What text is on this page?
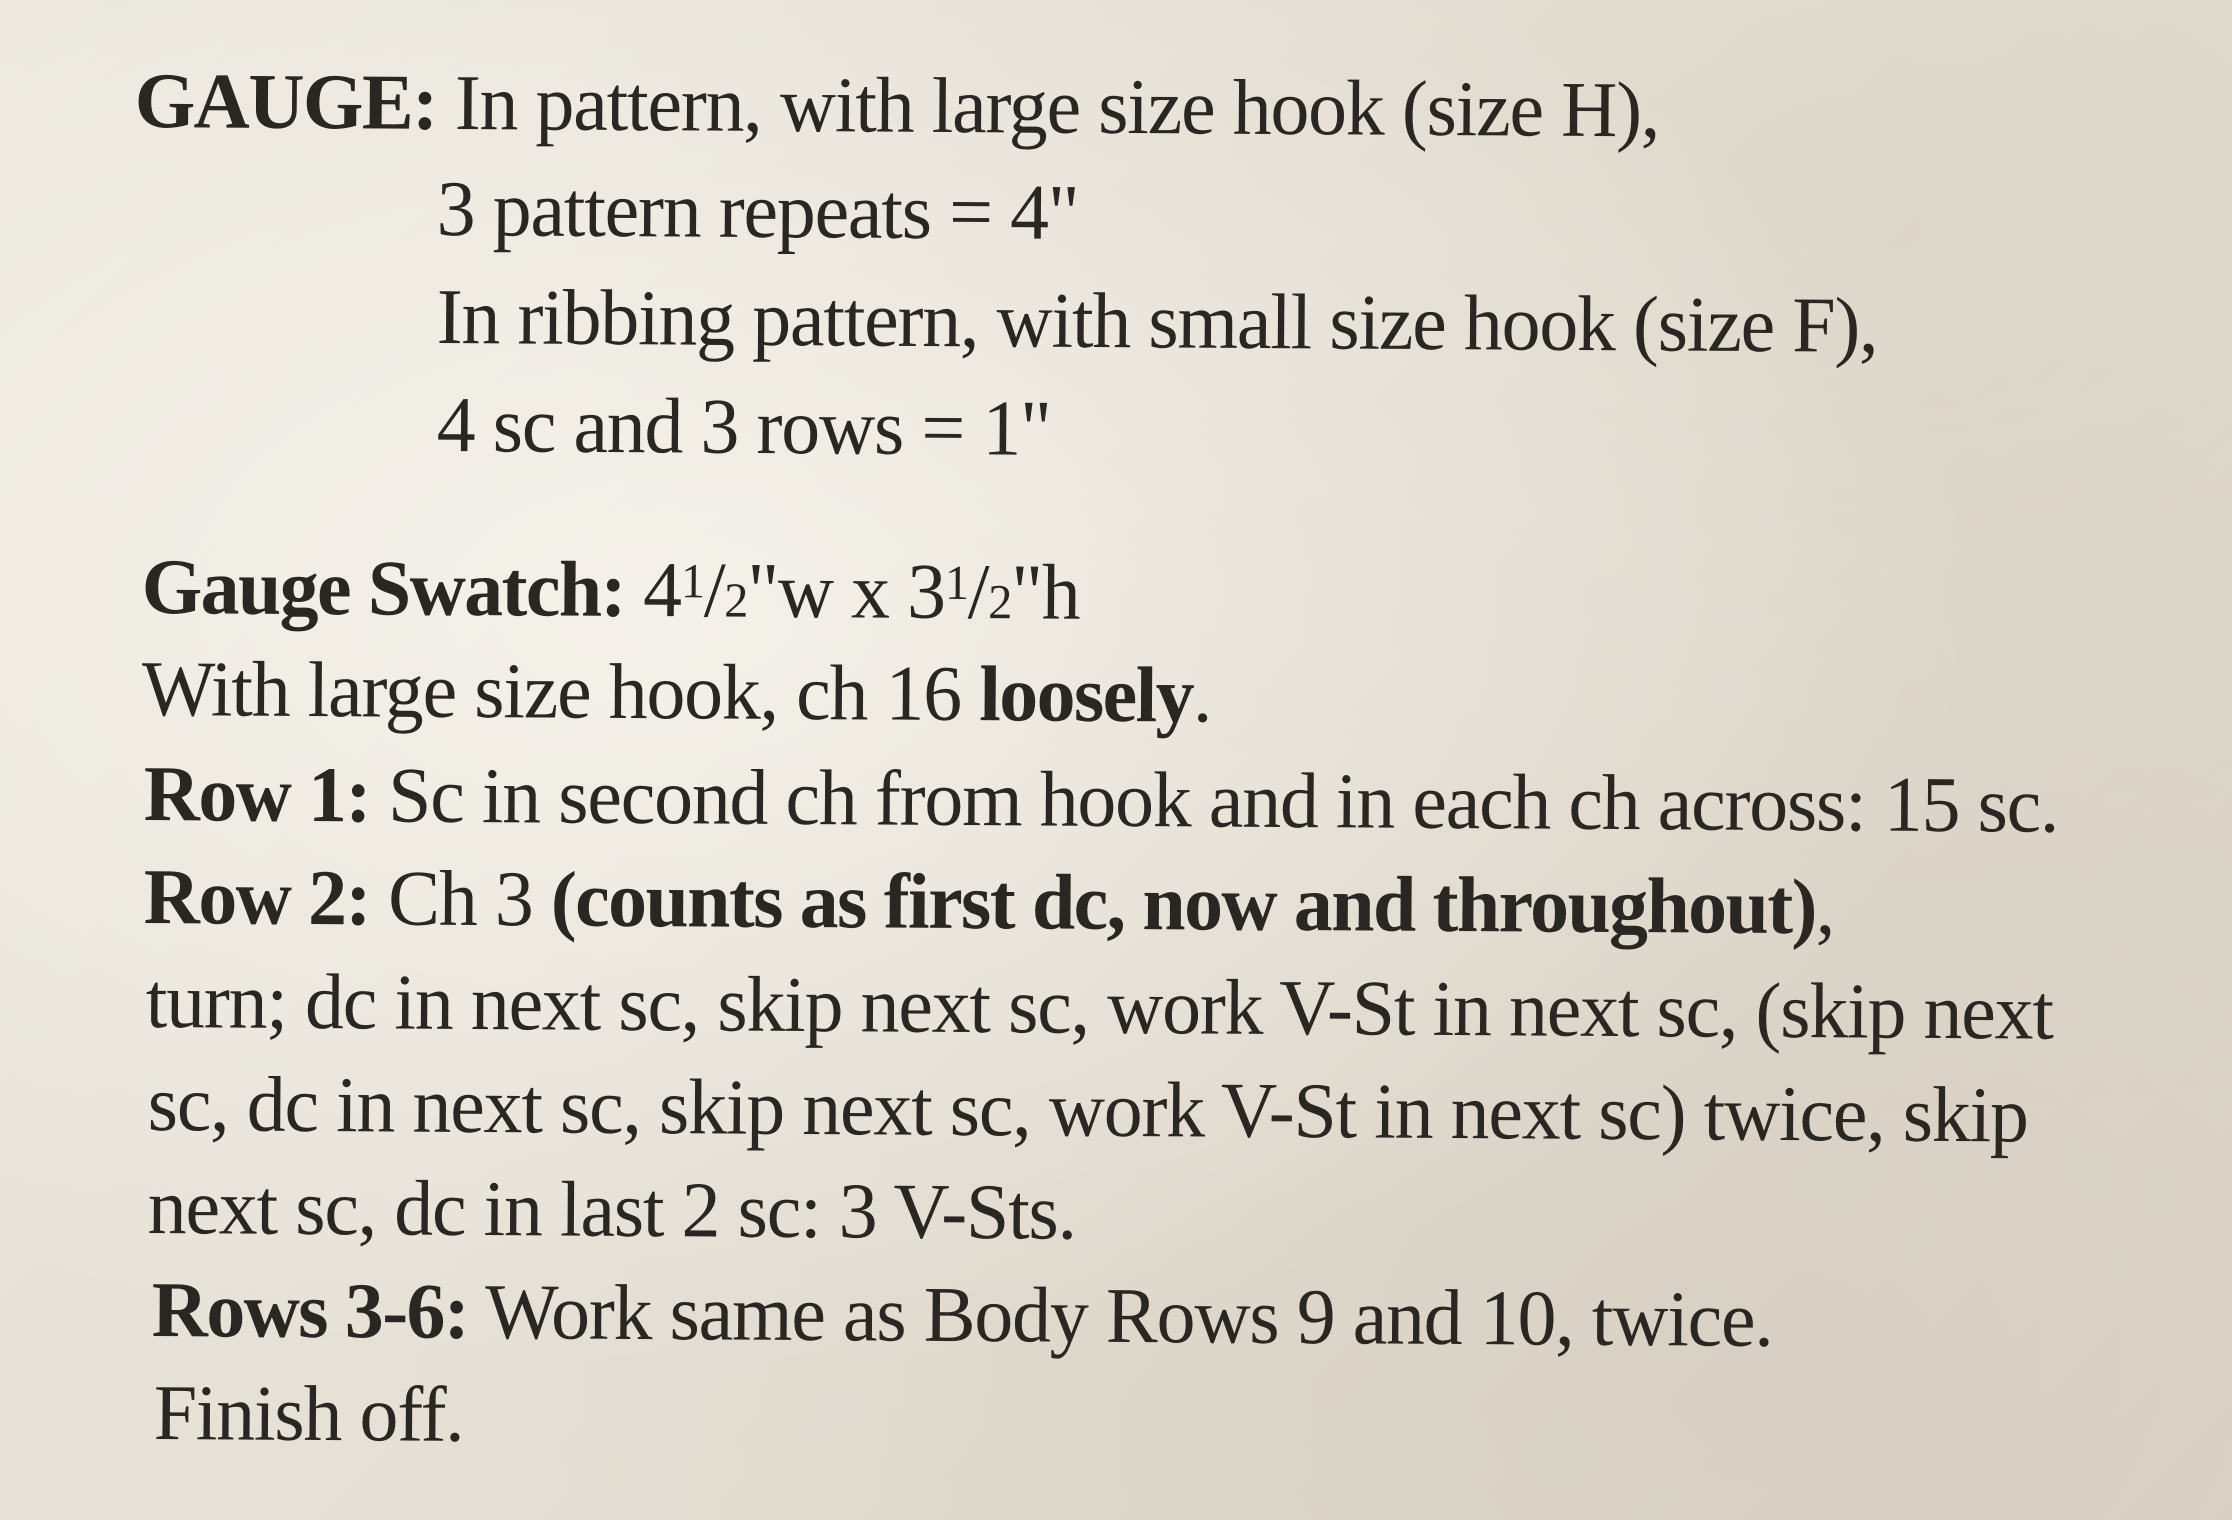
GAUGE: In pattern, with large size hook (size H),
3 pattern repeats = 4"
In ribbing pattern, with small size hook (size F),
4 sc and 3 rows = 1"
Gauge Swatch: $4^1/2"w$ x $3^1/2"h$
With large size hook, ch 16 loosely.
Row 1: Sc in second ch from hook and in each ch across: 15 sc.
Row 2: Ch 3 (counts as first dc, now and throughout),
turn; dc in next sc, skip next sc, work V-St in next sc, (skip next
sc, dc in next sc, skip next sc, work V-St in next sc) twice, skip
next sc, dc in last 2 sc: 3 V-Sts.
Rows 3-6: Work same as Body Rows 9 and 10, twice.
Finish off.
